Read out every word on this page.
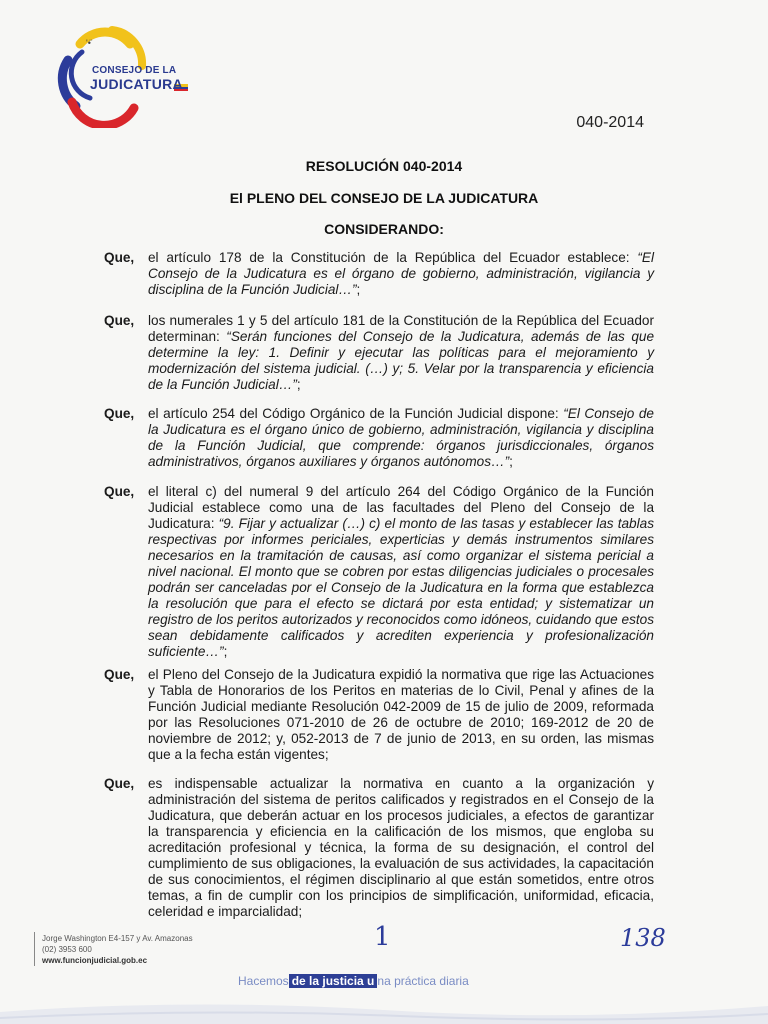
'•̈
CONSEJO DE LA
JUDICATURA
040-2014
RESOLUCIÓN 040-2014
El PLENO DEL CONSEJO DE LA JUDICATURA
CONSIDERANDO:
Que, el artículo 178 de la Constitución de la República del Ecuador establece: “El Consejo de la Judicatura es el órgano de gobierno, administración, vigilancia y disciplina de la Función Judicial…”;
Que, los numerales 1 y 5 del artículo 181 de la Constitución de la República del Ecuador determinan: “Serán funciones del Consejo de la Judicatura, además de las que determine la ley: 1. Definir y ejecutar las políticas para el mejoramiento y modernización del sistema judicial. (…) y; 5. Velar por la transparencia y eficiencia de la Función Judicial…”;
Que, el artículo 254 del Código Orgánico de la Función Judicial dispone: “El Consejo de la Judicatura es el órgano único de gobierno, administración, vigilancia y disciplina de la Función Judicial, que comprende: órganos jurisdiccionales, órganos administrativos, órganos auxiliares y órganos autónomos…”;
Que, el literal c) del numeral 9 del artículo 264 del Código Orgánico de la Función Judicial establece como una de las facultades del Pleno del Consejo de la Judicatura: “9. Fijar y actualizar (…) c) el monto de las tasas y establecer las tablas respectivas por informes periciales, experticias y demás instrumentos similares necesarios en la tramitación de causas, así como organizar el sistema pericial a nivel nacional. El monto que se cobren por estas diligencias judiciales o procesales podrán ser canceladas por el Consejo de la Judicatura en la forma que establezca la resolución que para el efecto se dictará por esta entidad; y sistematizar un registro de los peritos autorizados y reconocidos como idóneos, cuidando que estos sean debidamente calificados y acrediten experiencia y profesionalización suficiente…”;
Que, el Pleno del Consejo de la Judicatura expidió la normativa que rige las Actuaciones y Tabla de Honorarios de los Peritos en materias de lo Civil, Penal y afines de la Función Judicial mediante Resolución 042-2009 de 15 de julio de 2009, reformada por las Resoluciones 071-2010 de 26 de octubre de 2010; 169-2012 de 20 de noviembre de 2012; y, 052-2013 de 7 de junio de 2013, en su orden, las mismas que a la fecha están vigentes;
Que, es indispensable actualizar la normativa en cuanto a la organización y administración del sistema de peritos calificados y registrados en el Consejo de la Judicatura, que deberán actuar en los procesos judiciales, a efectos de garantizar la transparencia y eficiencia en la calificación de los mismos, que engloba su acreditación profesional y técnica, la forma de su designación, el control del cumplimiento de sus obligaciones, la evaluación de sus actividades, la capacitación de sus conocimientos, el régimen disciplinario al que están sometidos, entre otros temas, a fin de cumplir con los principios de simplificación, uniformidad, eficacia, celeridad e imparcialidad;
Jorge Washington E4-157 y Av. Amazonas
(02) 3953 600
www.funcionjudicial.gob.ec
1	138
Hacemos de la justicia u na práctica diaria
